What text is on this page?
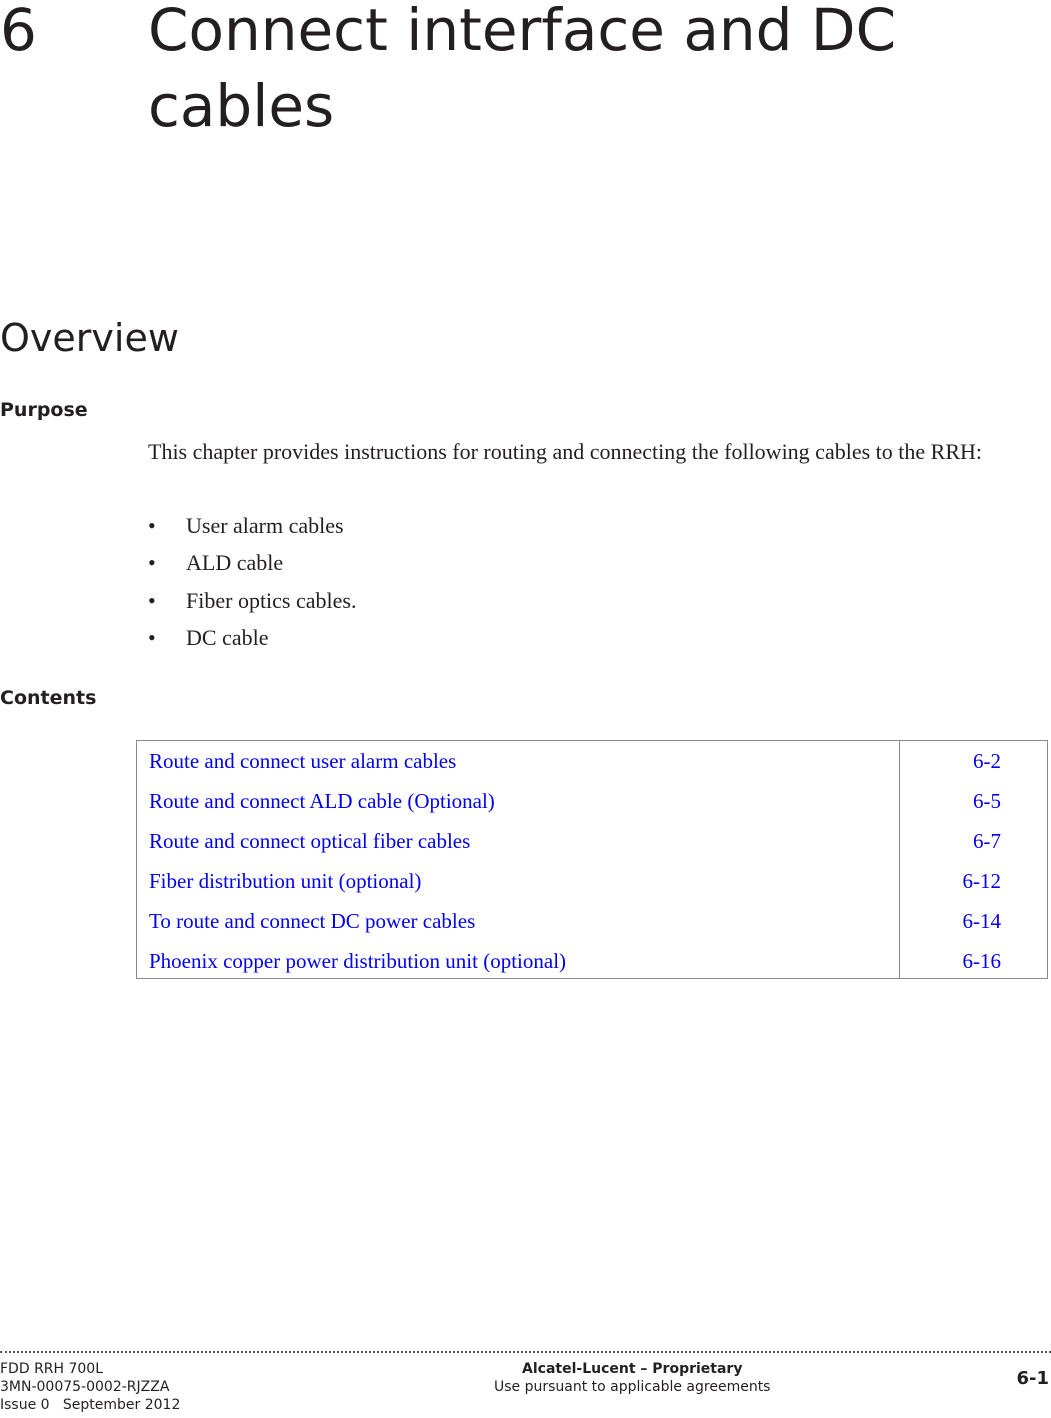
6 Connect interface and DC cables
Overview
Purpose

This chapter provides instructions for routing and connecting the following cables to the RRH:

• User alarm cables
• ALD cable
• Fiber optics cables.
• DC cable
Contents
Route and connect user alarm cables	6-2
Route and connect ALD cable (Optional)	6-5
Route and connect optical fiber cables	6-7
Fiber distribution unit (optional)	6-12
To route and connect DC power cables	6-14
Phoenix copper power distribution unit (optional)	6-16
FDD RRH 700L
3MN-00075-0002-RJZZA
Issue 0   September 2012
Alcatel-Lucent – Proprietary
Use pursuant to applicable agreements	6-1
